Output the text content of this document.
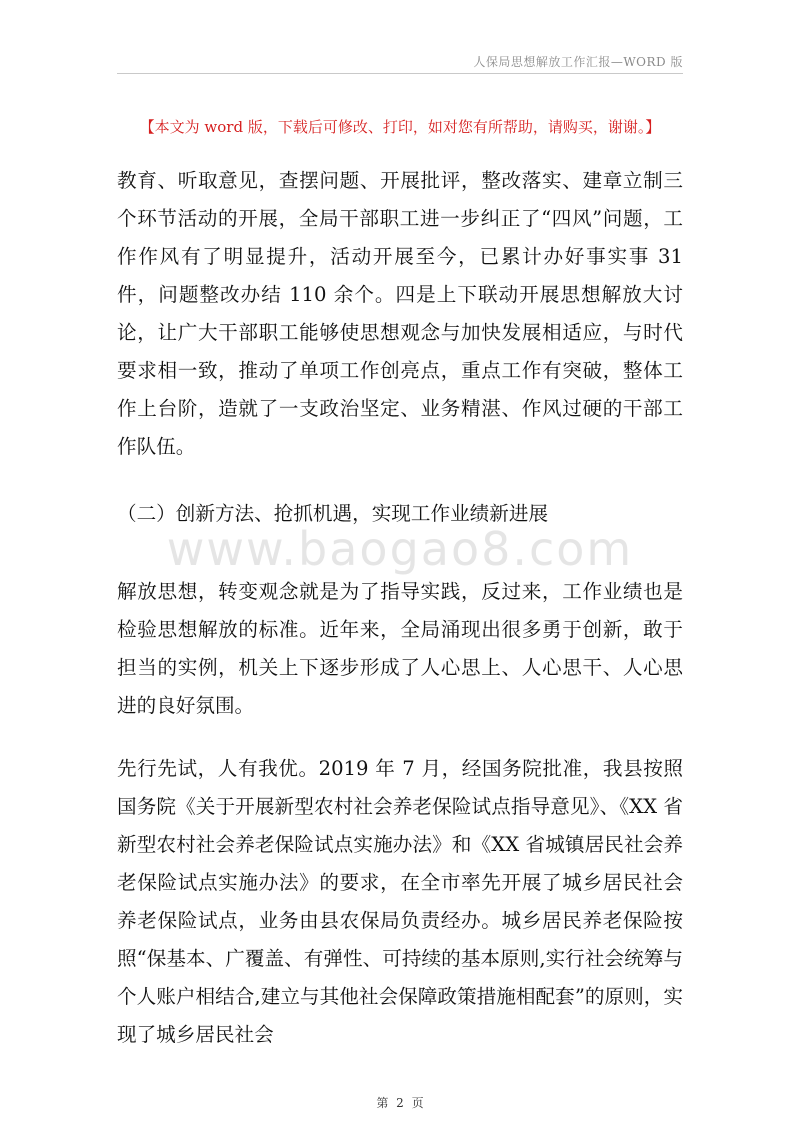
人保局思想解放工作汇报—WORD 版
【本文为 word 版，下载后可修改、打印，如对您有所帮助，请购买，谢谢。】
教育、听取意见，查摆问题、开展批评，整改落实、建章立制三个环节活动的开展，全局干部职工进一步纠正了“四风”问题，工作作风有了明显提升，活动开展至今，已累计办好事实事 31 件，问题整改办结 110 余个。四是上下联动开展思想解放大讨论，让广大干部职工能够使思想观念与加快发展相适应，与时代要求相一致，推动了单项工作创亮点，重点工作有突破，整体工作上台阶，造就了一支政治坚定、业务精湛、作风过硬的干部工作队伍。
（二）创新方法、抢抓机遇，实现工作业绩新进展
www.baogao8.com
解放思想，转变观念就是为了指导实践，反过来，工作业绩也是检验思想解放的标准。近年来，全局涌现出很多勇于创新，敢于担当的实例，机关上下逐步形成了人心思上、人心思干、人心思进的良好氛围。
先行先试，人有我优。2019 年 7 月，经国务院批准，我县按照国务院《关于开展新型农村社会养老保险试点指导意见》、《XX 省新型农村社会养老保险试点实施办法》和《XX 省城镇居民社会养老保险试点实施办法》的要求，在全市率先开展了城乡居民社会养老保险试点，业务由县农保局负责经办。城乡居民养老保险按照“保基本、广覆盖、有弹性、可持续的基本原则,实行社会统筹与个人账户相结合,建立与其他社会保障政策措施相配套”的原则，实现了城乡居民社会
第 2 页
